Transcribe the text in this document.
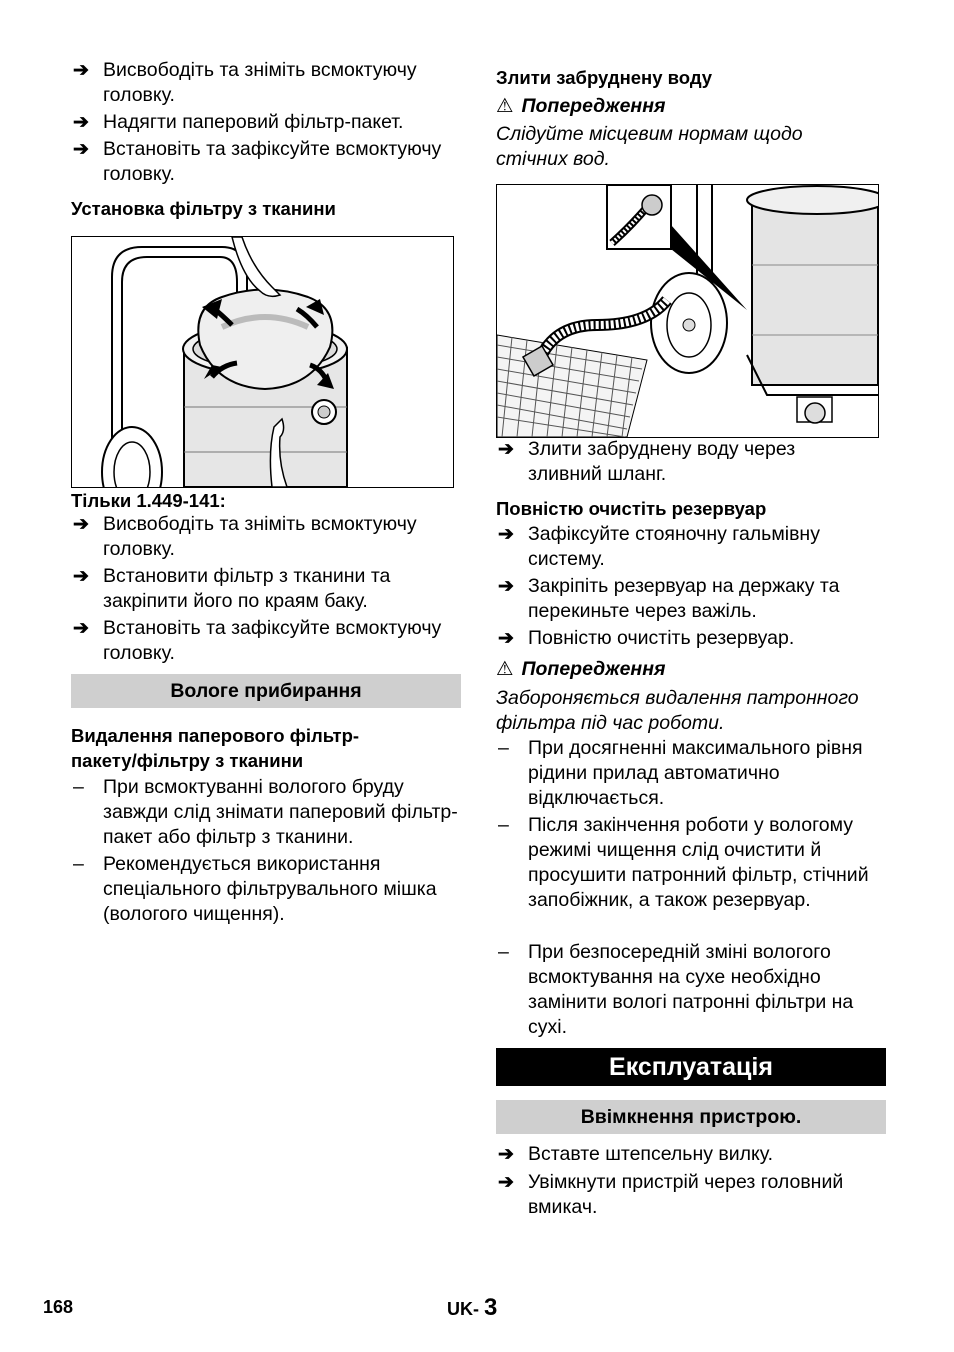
➔ Висвободіть та зніміть всмоктуючу головку.
➔ Надягти паперовий фільтр-пакет.
➔ Встановіть та зафіксуйте всмоктуючу головку.
Установка фільтру з тканини
Тільки 1.449-141:
➔ Висвободіть та зніміть всмоктуючу головку.
➔ Встановити фільтр з тканини та закріпити його по краям баку.
➔ Встановіть та зафіксуйте всмоктуючу головку.
Вологе прибирання
Видалення паперового фільтр-пакету/фільтру з тканини
– При всмоктуванні вологого бруду завжди слід знімати паперовий фільтр-пакет або фільтр з тканини.
– Рекомендується використання спеціального фільтрувального мішка (вологого чищення).
Злити забруднену воду
⚠ Попередження
Слідуйте місцевим нормам щодо стічних вод.
➔ Злити забруднену воду через зливний шланг.
Повністю очистіть резервуар
➔ Зафіксуйте стояночну гальмівну систему.
➔ Закріпіть резервуар на держаку та перекиньте через важіль.
➔ Повністю очистіть резервуар.
⚠ Попередження
Забороняється видалення патронного фільтра під час роботи.
– При досягненні максимального рівня рідини прилад автоматично відключається.
– Після закінчення роботи у вологому режимі чищення слід очистити й просушити патронний фільтр, стічний запобіжник, а також резервуар.
– При безпосередній зміні вологого всмоктування на сухе необхідно замінити вологі патронні фільтри на сухі.
Експлуатація
Ввімкнення пристрою.
➔ Вставте штепсельну вилку.
➔ Увімкнути пристрій через головний вмикач.
168	UK- 3
